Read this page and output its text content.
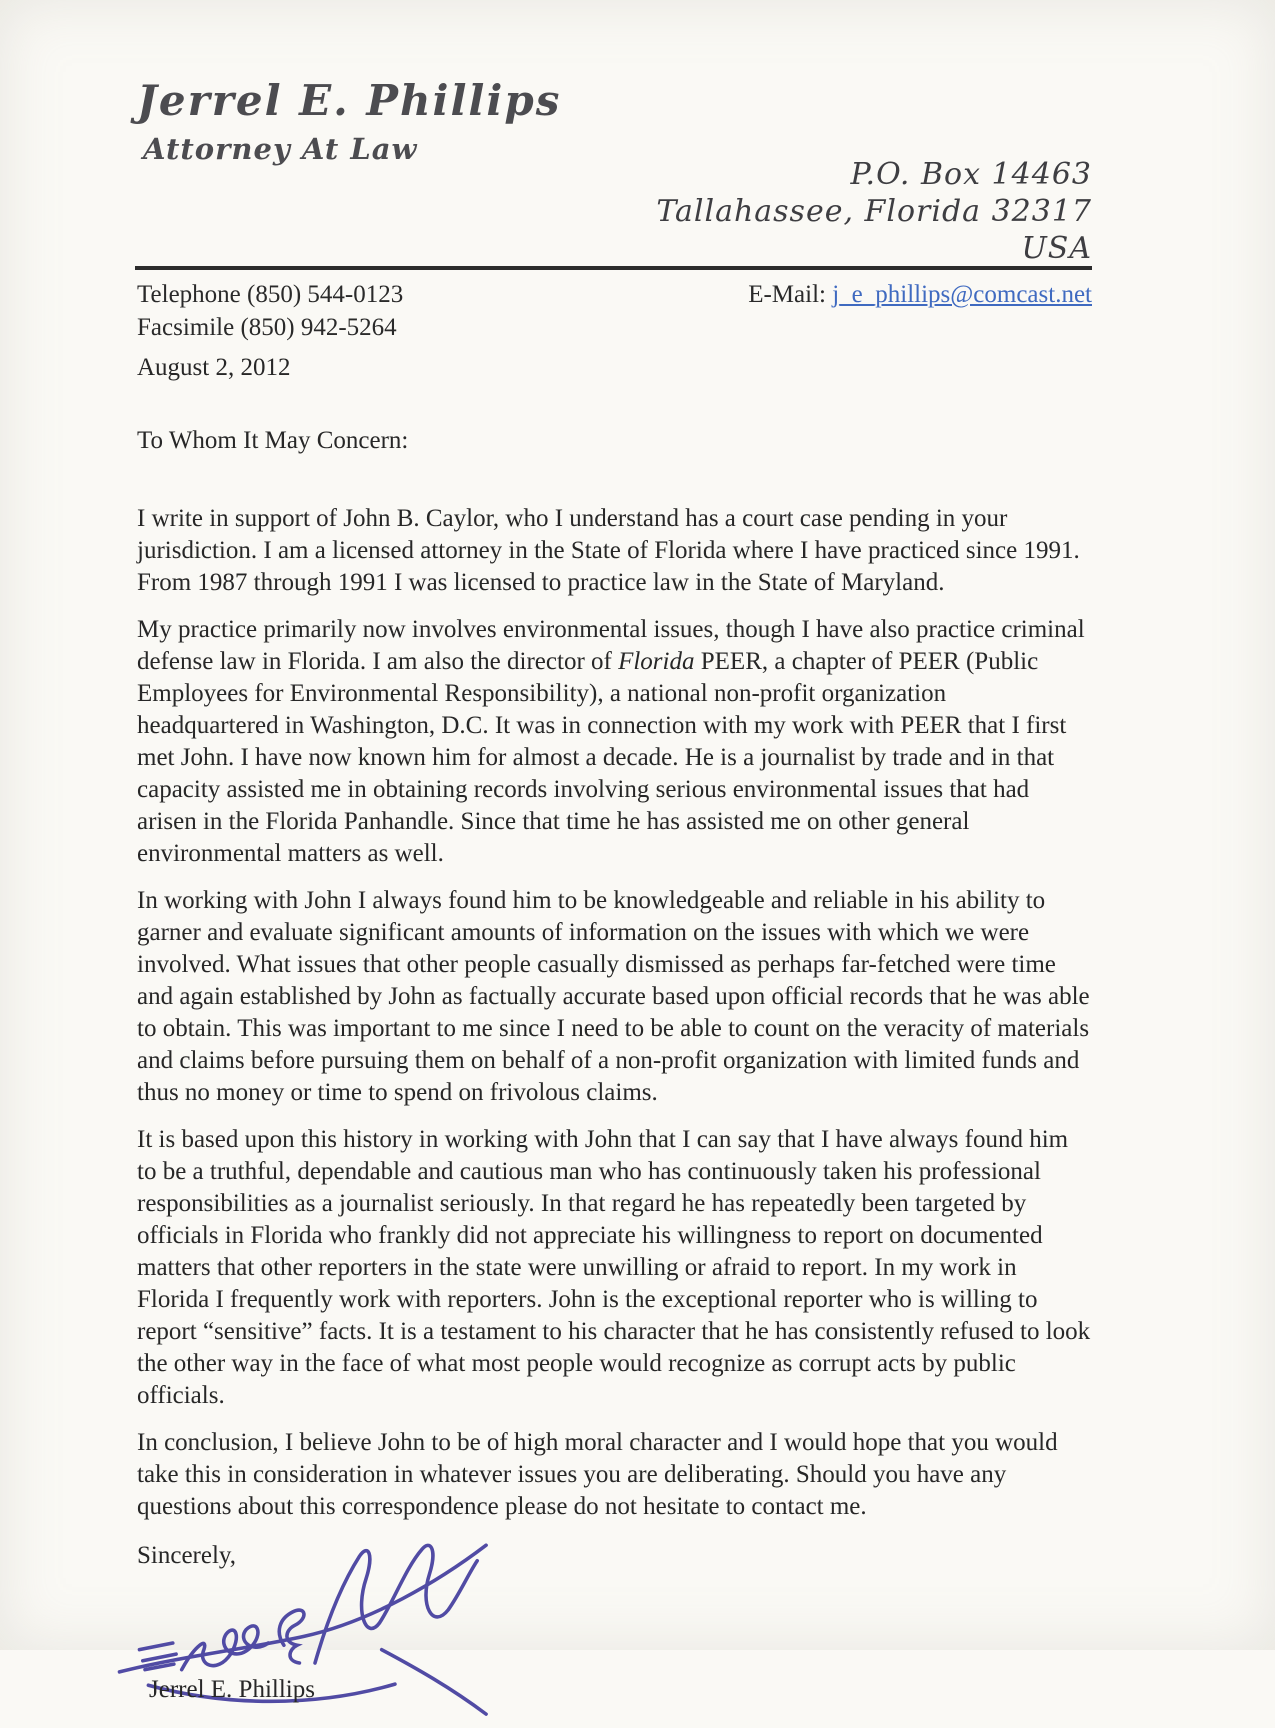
Jerrel E. Phillips
Attorney At Law
P.O. Box 14463
Tallahassee, Florida 32317
USA
Telephone (850) 544-0123
Facsimile (850) 942-5264
E-Mail: j_e_phillips@comcast.net
August 2, 2012
To Whom It May Concern:

I write in support of John B. Caylor, who I understand has a court case pending in your jurisdiction. I am a licensed attorney in the State of Florida where I have practiced since 1991. From 1987 through 1991 I was licensed to practice law in the State of Maryland.

My practice primarily now involves environmental issues, though I have also practice criminal defense law in Florida. I am also the director of Florida PEER, a chapter of PEER (Public Employees for Environmental Responsibility), a national non-profit organization headquartered in Washington, D.C. It was in connection with my work with PEER that I first met John. I have now known him for almost a decade. He is a journalist by trade and in that capacity assisted me in obtaining records involving serious environmental issues that had arisen in the Florida Panhandle. Since that time he has assisted me on other general environmental matters as well.

In working with John I always found him to be knowledgeable and reliable in his ability to garner and evaluate significant amounts of information on the issues with which we were involved. What issues that other people casually dismissed as perhaps far-fetched were time and again established by John as factually accurate based upon official records that he was able to obtain. This was important to me since I need to be able to count on the veracity of materials and claims before pursuing them on behalf of a non-profit organization with limited funds and thus no money or time to spend on frivolous claims.

It is based upon this history in working with John that I can say that I have always found him to be a truthful, dependable and cautious man who has continuously taken his professional responsibilities as a journalist seriously. In that regard he has repeatedly been targeted by officials in Florida who frankly did not appreciate his willingness to report on documented matters that other reporters in the state were unwilling or afraid to report. In my work in Florida I frequently work with reporters. John is the exceptional reporter who is willing to report “sensitive” facts. It is a testament to his character that he has consistently refused to look the other way in the face of what most people would recognize as corrupt acts by public officials.

In conclusion, I believe John to be of high moral character and I would hope that you would take this in consideration in whatever issues you are deliberating. Should you have any questions about this correspondence please do not hesitate to contact me.

Sincerely,
Jerrel E. Phillips
